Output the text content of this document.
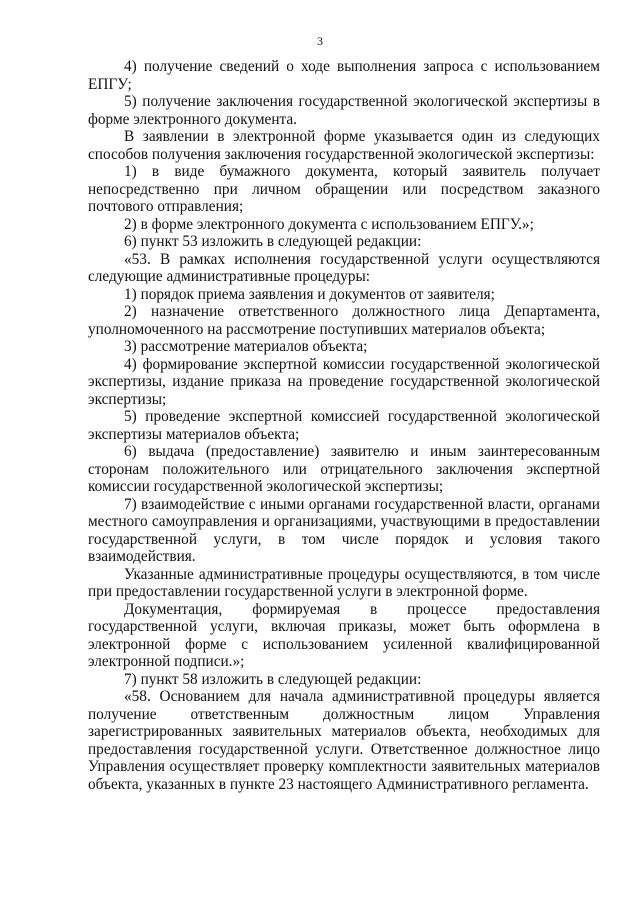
3

4) получение сведений о ходе выполнения запроса с использованием ЕПГУ;

5) получение заключения государственной экологической экспертизы в форме электронного документа.

В заявлении в электронной форме указывается один из следующих способов получения заключения государственной экологической экспертизы:

1) в виде бумажного документа, который заявитель получает непосредственно при личном обращении или посредством заказного почтового отправления;

2) в форме электронного документа с использованием ЕПГУ.»;

6) пункт 53 изложить в следующей редакции:

«53. В рамках исполнения государственной услуги осуществляются следующие административные процедуры:

1) порядок приема заявления и документов от заявителя;

2) назначение ответственного должностного лица Департамента, уполномоченного на рассмотрение поступивших материалов объекта;

3) рассмотрение материалов объекта;

4) формирование экспертной комиссии государственной экологической экспертизы, издание приказа на проведение государственной экологической экспертизы;

5) проведение экспертной комиссией государственной экологической экспертизы материалов объекта;

6) выдача (предоставление) заявителю и иным заинтересованным сторонам положительного или отрицательного заключения экспертной комиссии государственной экологической экспертизы;

7) взаимодействие с иными органами государственной власти, органами местного самоуправления и организациями, участвующими в предоставлении государственной услуги, в том числе порядок и условия такого взаимодействия.

Указанные административные процедуры осуществляются, в том числе при предоставлении государственной услуги в электронной форме.

Документация, формируемая в процессе предоставления государственной услуги, включая приказы, может быть оформлена в электронной форме с использованием усиленной квалифицированной электронной подписи.»;

7) пункт 58 изложить в следующей редакции:

«58. Основанием для начала административной процедуры является получение ответственным должностным лицом Управления зарегистрированных заявительных материалов объекта, необходимых для предоставления государственной услуги. Ответственное должностное лицо Управления осуществляет проверку комплектности заявительных материалов объекта, указанных в пункте 23 настоящего Административного регламента.
